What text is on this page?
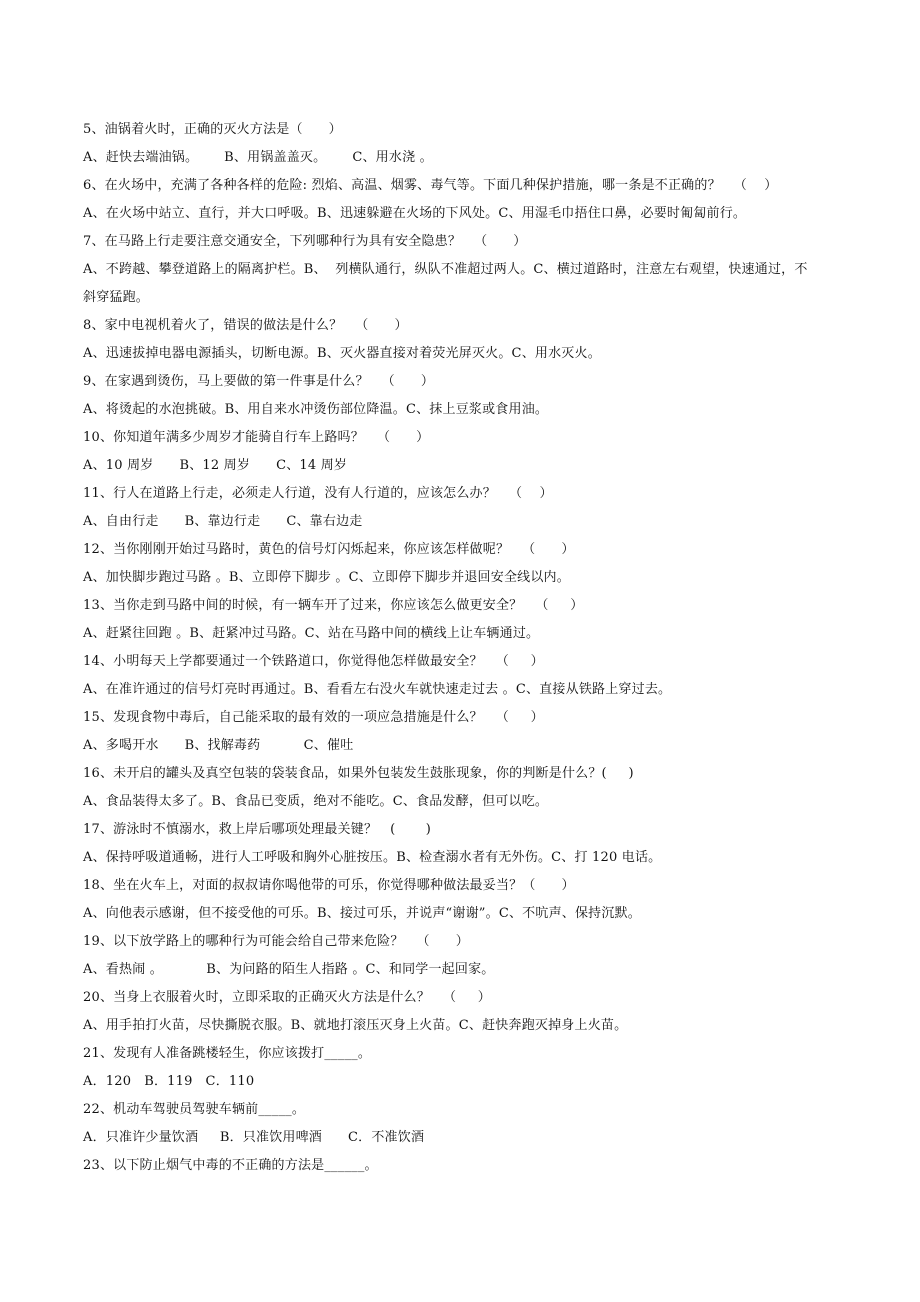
5、油锅着火时，正确的灭火方法是（      ）
A、赶快去端油锅。      B、用锅盖盖灭。      C、用水浇 。
6、在火场中，充满了各种各样的危险: 烈焰、高温、烟雾、毒气等。下面几种保护措施，哪一条是不正确的？   （    ）
A、在火场中站立、直行，并大口呼吸。B、迅速躲避在火场的下风处。C、用湿毛巾捂住口鼻，必要时匍匐前行。
7、在马路上行走要注意交通安全，下列哪种行为具有安全隐患？   （      ）
A、不跨越、攀登道路上的隔离护栏。B、  列横队通行，纵队不准超过两人。C、横过道路时，注意左右观望，快速通过，不
斜穿猛跑。
8、家中电视机着火了，错误的做法是什么？   （      ）
A、迅速拔掉电器电源插头，切断电源。B、灭火器直接对着荧光屏灭火。C、用水灭火。
9、在家遇到烫伤，马上要做的第一件事是什么？   （      ）
A、将烫起的水泡挑破。B、用自来水冲烫伤部位降温。C、抹上豆浆或食用油。
10、你知道年满多少周岁才能骑自行车上路吗？   （      ）
A、10 周岁      B、12 周岁      C、14 周岁
11、行人在道路上行走，必须走人行道，没有人行道的，应该怎么办？   （    ）
A、自由行走      B、靠边行走      C、靠右边走
12、当你刚刚开始过马路时，黄色的信号灯闪烁起来，你应该怎样做呢？   （      ）
A、加快脚步跑过马路 。B、立即停下脚步 。C、立即停下脚步并退回安全线以内。
13、当你走到马路中间的时候，有一辆车开了过来，你应该怎么做更安全？   （     ）
A、赶紧往回跑 。B、赶紧冲过马路。C、站在马路中间的横线上让车辆通过。
14、小明每天上学都要通过一个铁路道口，你觉得他怎样做最安全？   （     ）
A、在准许通过的信号灯亮时再通过。B、看看左右没火车就快速走过去 。C、直接从铁路上穿过去。
15、发现食物中毒后，自己能采取的最有效的一项应急措施是什么？   （     ）
A、多喝开水      B、找解毒药          C、催吐
16、未开启的罐头及真空包装的袋装食品，如果外包装发生鼓胀现象，你的判断是什么？(     )
A、食品装得太多了。B、食品已变质，绝对不能吃。C、食品发酵，但可以吃。
17、游泳时不慎溺水，救上岸后哪项处理最关键？   (       )
A、保持呼吸道通畅，进行人工呼吸和胸外心脏按压。B、检查溺水者有无外伤。C、打 120 电话。
18、坐在火车上，对面的叔叔请你喝他带的可乐，你觉得哪种做法最妥当？（      ）
A、向他表示感谢，但不接受他的可乐。B、接过可乐，并说声“谢谢”。C、不吭声、保持沉默。
19、以下放学路上的哪种行为可能会给自己带来危险？   （      ）
A、看热闹 。          B、为问路的陌生人指路 。C、和同学一起回家。
20、当身上衣服着火时，立即采取的正确灭火方法是什么？   （     ）
A、用手拍打火苗，尽快撕脱衣服。B、就地打滚压灭身上火苗。C、赶快奔跑灭掉身上火苗。
21、发现有人准备跳楼轻生，你应该拨打_____。
A．120   B．119   C．110
22、机动车驾驶员驾驶车辆前_____。
A．只准许少量饮酒     B．只准饮用啤酒      C．不准饮酒
23、以下防止烟气中毒的不正确的方法是______。
